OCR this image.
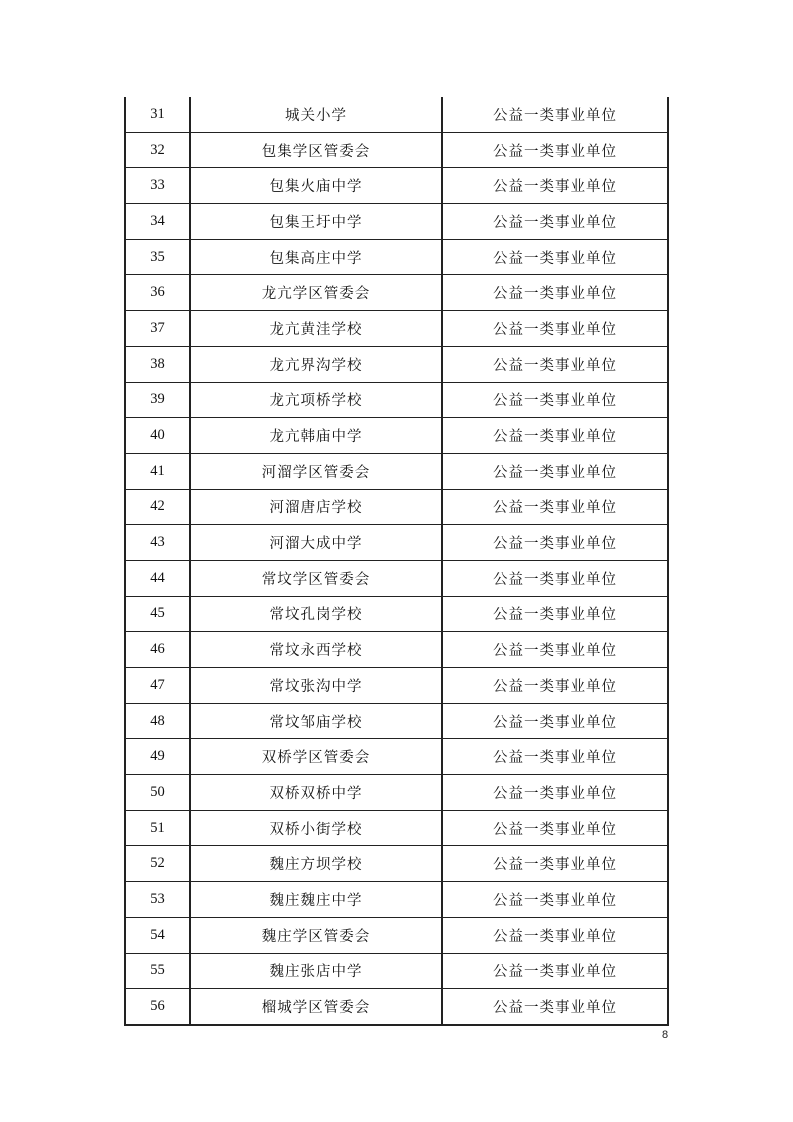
31	城关小学	公益一类事业单位
32	包集学区管委会	公益一类事业单位
33	包集火庙中学	公益一类事业单位
34	包集王圩中学	公益一类事业单位
35	包集高庄中学	公益一类事业单位
36	龙亢学区管委会	公益一类事业单位
37	龙亢黄洼学校	公益一类事业单位
38	龙亢界沟学校	公益一类事业单位
39	龙亢项桥学校	公益一类事业单位
40	龙亢韩庙中学	公益一类事业单位
41	河溜学区管委会	公益一类事业单位
42	河溜唐店学校	公益一类事业单位
43	河溜大成中学	公益一类事业单位
44	常坟学区管委会	公益一类事业单位
45	常坟孔岗学校	公益一类事业单位
46	常坟永西学校	公益一类事业单位
47	常坟张沟中学	公益一类事业单位
48	常坟邹庙学校	公益一类事业单位
49	双桥学区管委会	公益一类事业单位
50	双桥双桥中学	公益一类事业单位
51	双桥小街学校	公益一类事业单位
52	魏庄方坝学校	公益一类事业单位
53	魏庄魏庄中学	公益一类事业单位
54	魏庄学区管委会	公益一类事业单位
55	魏庄张店中学	公益一类事业单位
56	榴城学区管委会	公益一类事业单位
8
